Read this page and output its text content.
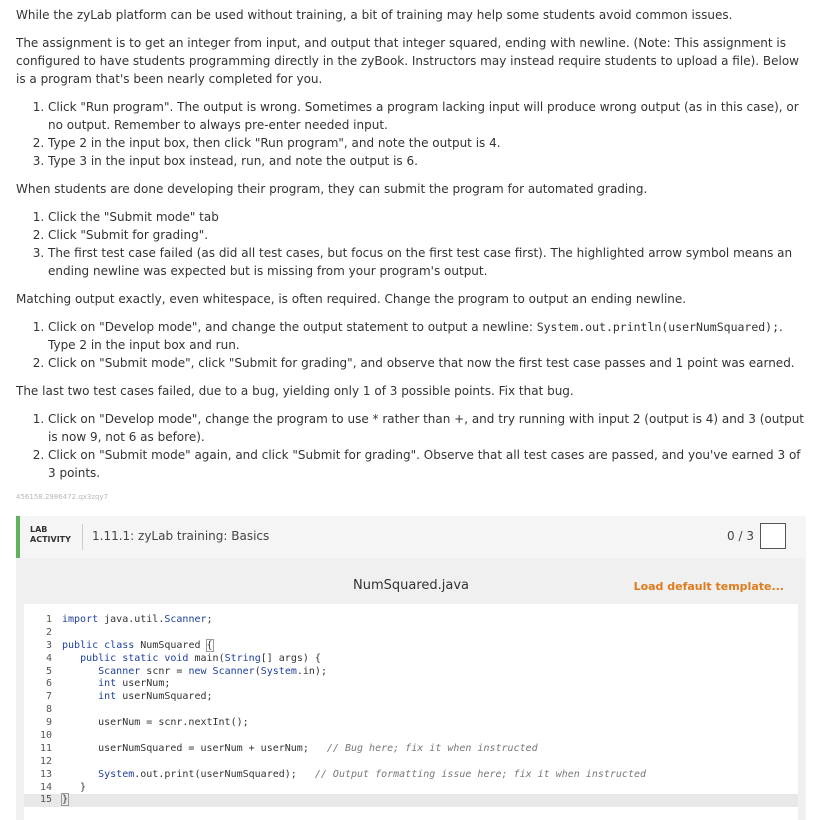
While the zyLab platform can be used without training, a bit of training may help some students avoid common issues.

The assignment is to get an integer from input, and output that integer squared, ending with newline. (Note: This assignment is configured to have students programming directly in the zyBook. Instructors may instead require students to upload a file). Below is a program that's been nearly completed for you.

1. Click "Run program". The output is wrong. Sometimes a program lacking input will produce wrong output (as in this case), or no output. Remember to always pre-enter needed input.
2. Type 2 in the input box, then click "Run program", and note the output is 4.
3. Type 3 in the input box instead, run, and note the output is 6.

When students are done developing their program, they can submit the program for automated grading.

1. Click the "Submit mode" tab
2. Click "Submit for grading".
3. The first test case failed (as did all test cases, but focus on the first test case first). The highlighted arrow symbol means an ending newline was expected but is missing from your program's output.

Matching output exactly, even whitespace, is often required. Change the program to output an ending newline.

1. Click on "Develop mode", and change the output statement to output a newline: System.out.println(userNumSquared);. Type 2 in the input box and run.
2. Click on "Submit mode", click "Submit for grading", and observe that now the first test case passes and 1 point was earned.

The last two test cases failed, due to a bug, yielding only 1 of 3 possible points. Fix that bug.

1. Click on "Develop mode", change the program to use * rather than +, and try running with input 2 (output is 4) and 3 (output is now 9, not 6 as before).
2. Click on "Submit mode" again, and click "Submit for grading". Observe that all test cases are passed, and you've earned 3 of 3 points.

456158.2986472.qx3zqy7

LAB
ACTIVITY 1.11.1: zyLab training: Basics	0 / 3
NumSquared.java	Load default template...
1 import java.util.Scanner;
2
3 public class NumSquared {
4	public static void main(String[] args) {
5	Scanner scnr = new Scanner(System.in);
6	int userNum;
7	int userNumSquared;
8
9 userNum = scnr.nextInt();
10
11 userNumSquared = userNum + userNum;   // Bug here; fix it when instructed
12
13	System.out.print(userNumSquared);   // Output formatting issue here; fix it when instructed
14 }
15 }
